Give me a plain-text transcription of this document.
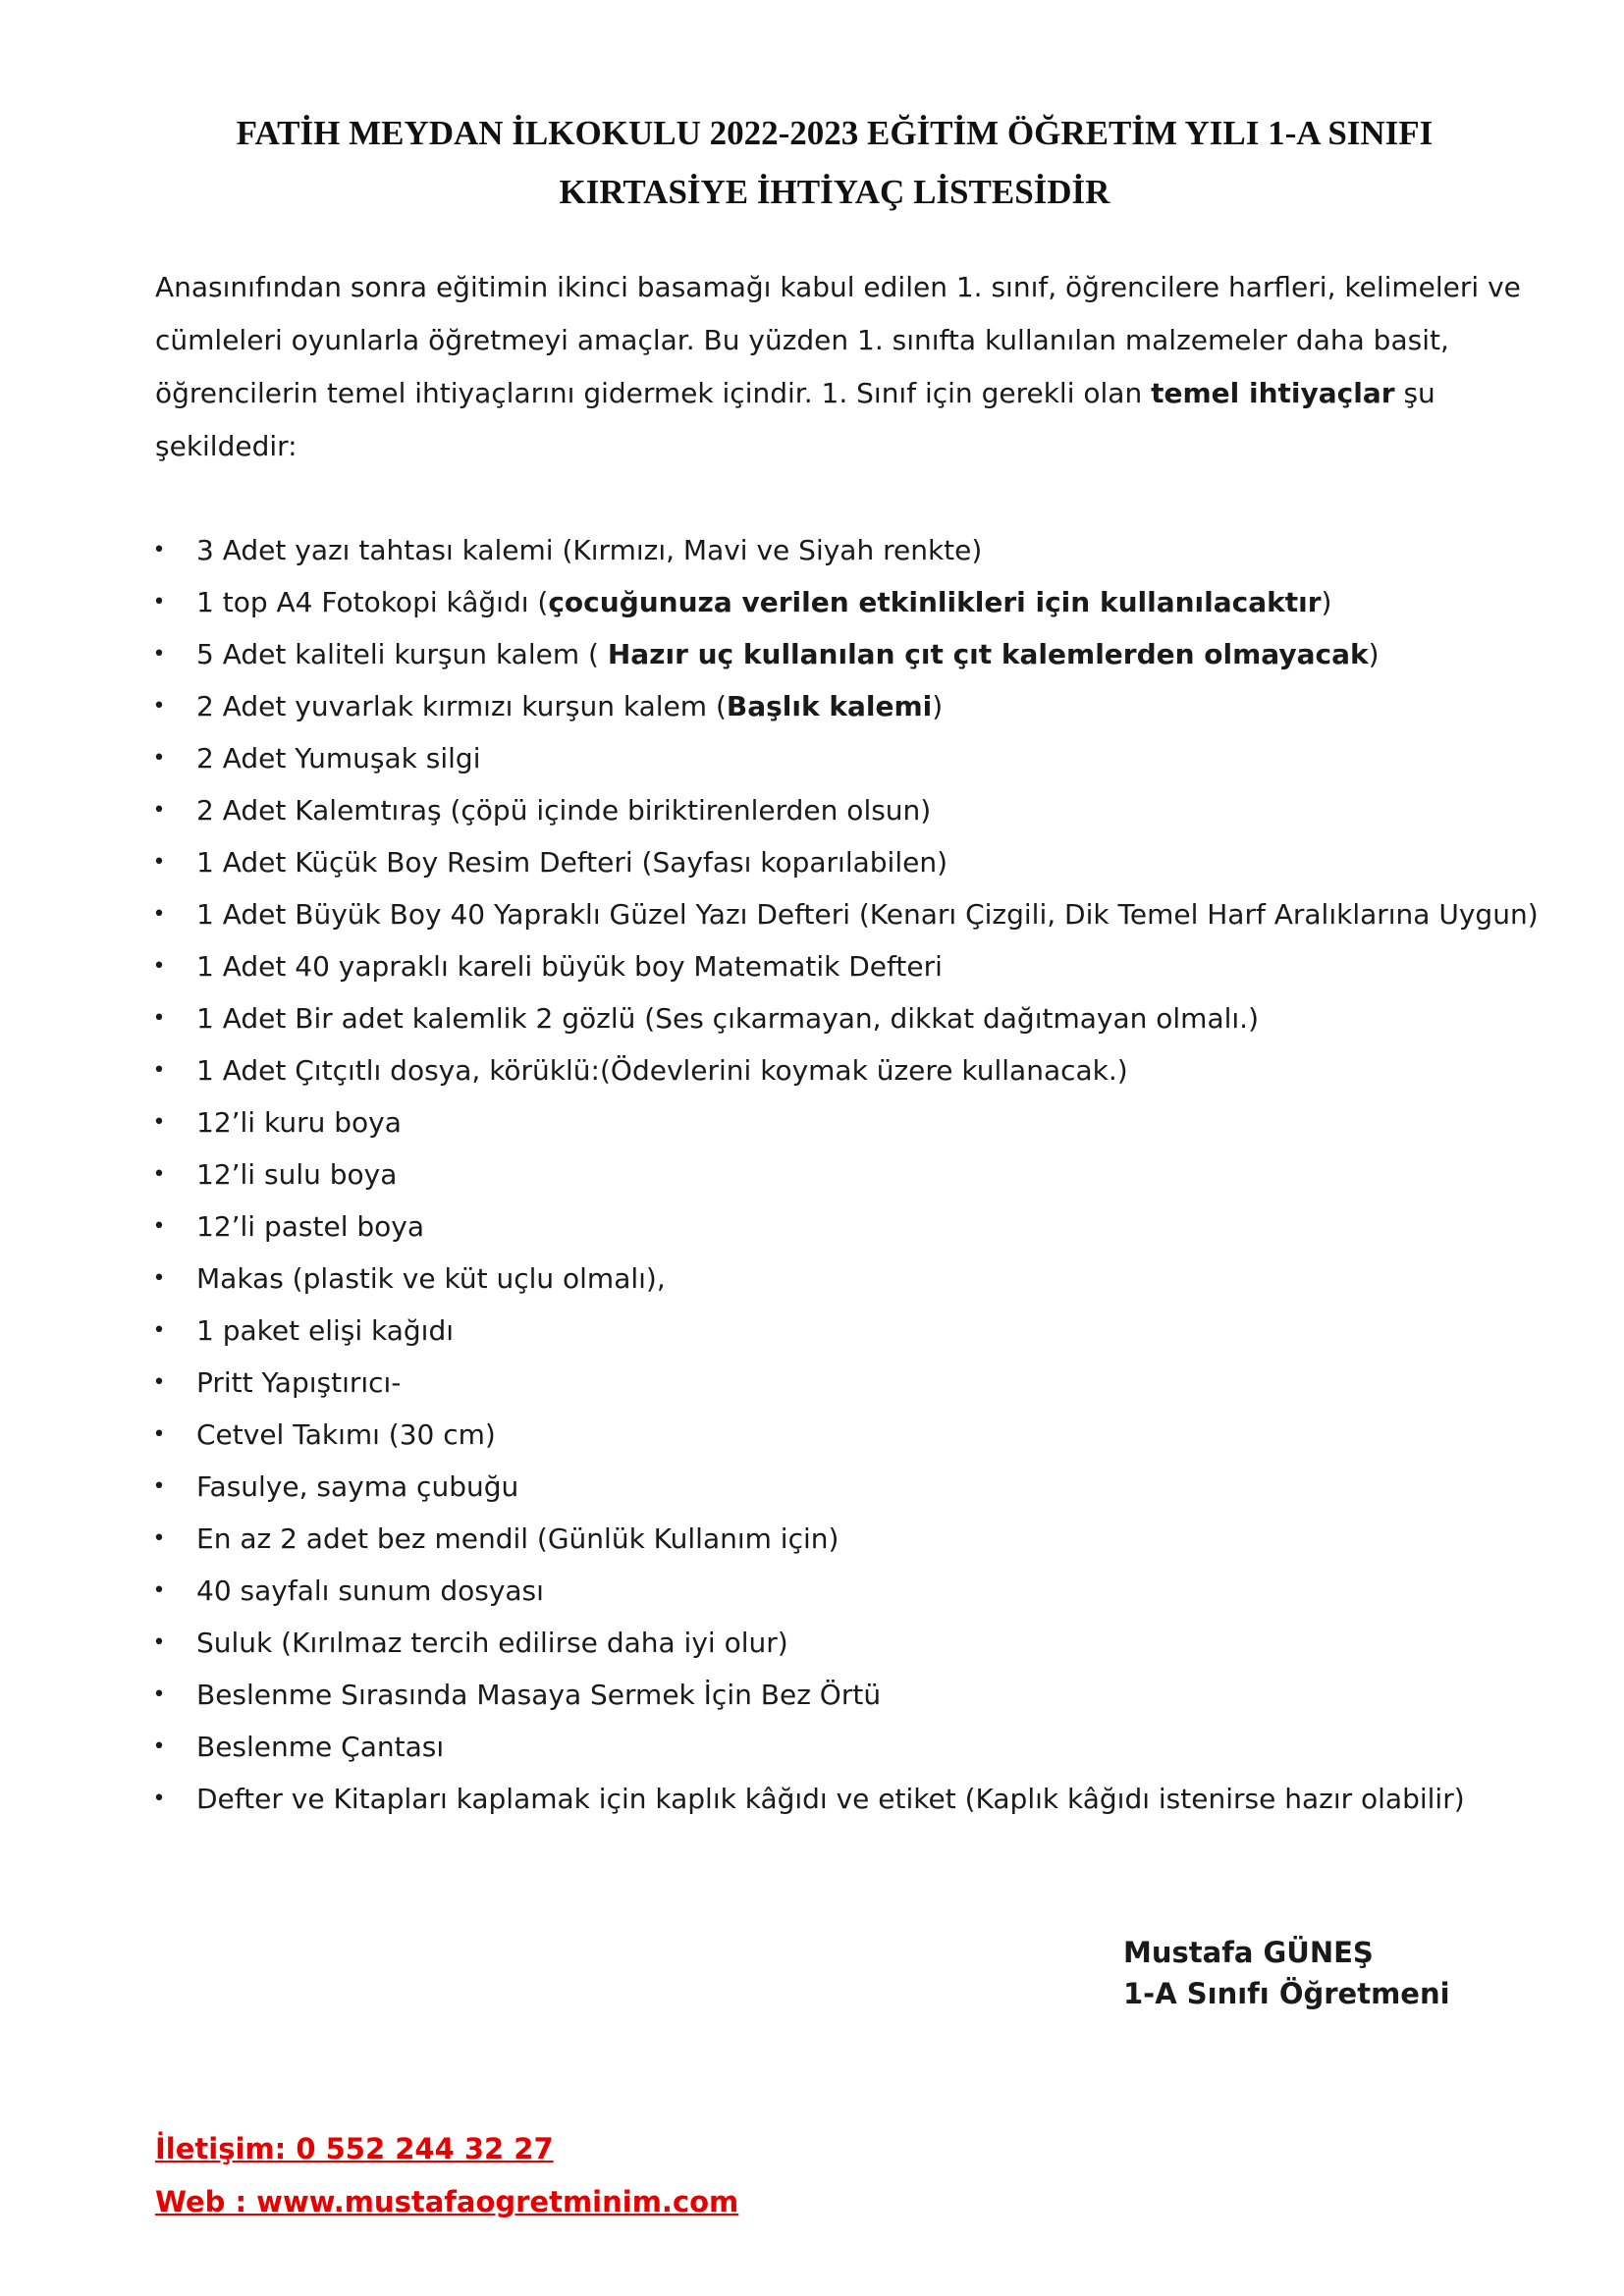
FATİH MEYDAN İLKOKULU 2022-2023 EĞİTİM ÖĞRETİM YILI 1-A SINIFI
KIRTASİYE İHTİYAÇ LİSTESİDİR

Anasınıfından sonra eğitimin ikinci basamağı kabul edilen 1. sınıf, öğrencilere harfleri, kelimeleri ve cümleleri oyunlarla öğretmeyi amaçlar. Bu yüzden 1. sınıfta kullanılan malzemeler daha basit, öğrencilerin temel ihtiyaçlarını gidermek içindir. 1. Sınıf için gerekli olan temel ihtiyaçlar şu şekildedir:

• 3 Adet yazı tahtası kalemi (Kırmızı, Mavi ve Siyah renkte)
• 1 top A4 Fotokopi kâğıdı (çocuğunuza verilen etkinlikleri için kullanılacaktır)
• 5 Adet kaliteli kurşun kalem ( Hazır uç kullanılan çıt çıt kalemlerden olmayacak)
• 2 Adet yuvarlak kırmızı kurşun kalem (Başlık kalemi)
• 2 Adet Yumuşak silgi
• 2 Adet Kalemtıraş (çöpü içinde biriktirenlerden olsun)
• 1 Adet Küçük Boy Resim Defteri (Sayfası koparılabilen)
• 1 Adet Büyük Boy 40 Yapraklı Güzel Yazı Defteri (Kenarı Çizgili, Dik Temel Harf Aralıklarına Uygun)
• 1 Adet 40 yapraklı kareli büyük boy Matematik Defteri
• 1 Adet Bir adet kalemlik 2 gözlü (Ses çıkarmayan, dikkat dağıtmayan olmalı.)
• 1 Adet Çıtçıtlı dosya, körüklü:(Ödevlerini koymak üzere kullanacak.)
• 12’li kuru boya
• 12’li sulu boya
• 12’li pastel boya
• Makas (plastik ve küt uçlu olmalı),
• 1 paket elişi kağıdı
• Pritt Yapıştırıcı-
• Cetvel Takımı (30 cm)
• Fasulye, sayma çubuğu
• En az 2 adet bez mendil (Günlük Kullanım için)
• 40 sayfalı sunum dosyası
• Suluk (Kırılmaz tercih edilirse daha iyi olur)
• Beslenme Sırasında Masaya Sermek İçin Bez Örtü
• Beslenme Çantası
• Defter ve Kitapları kaplamak için kaplık kâğıdı ve etiket (Kaplık kâğıdı istenirse hazır olabilir)
Mustafa GÜNEŞ
1-A Sınıfı Öğretmeni
İletişim: 0 552 244 32 27
Web : www.mustafaogretminim.com
